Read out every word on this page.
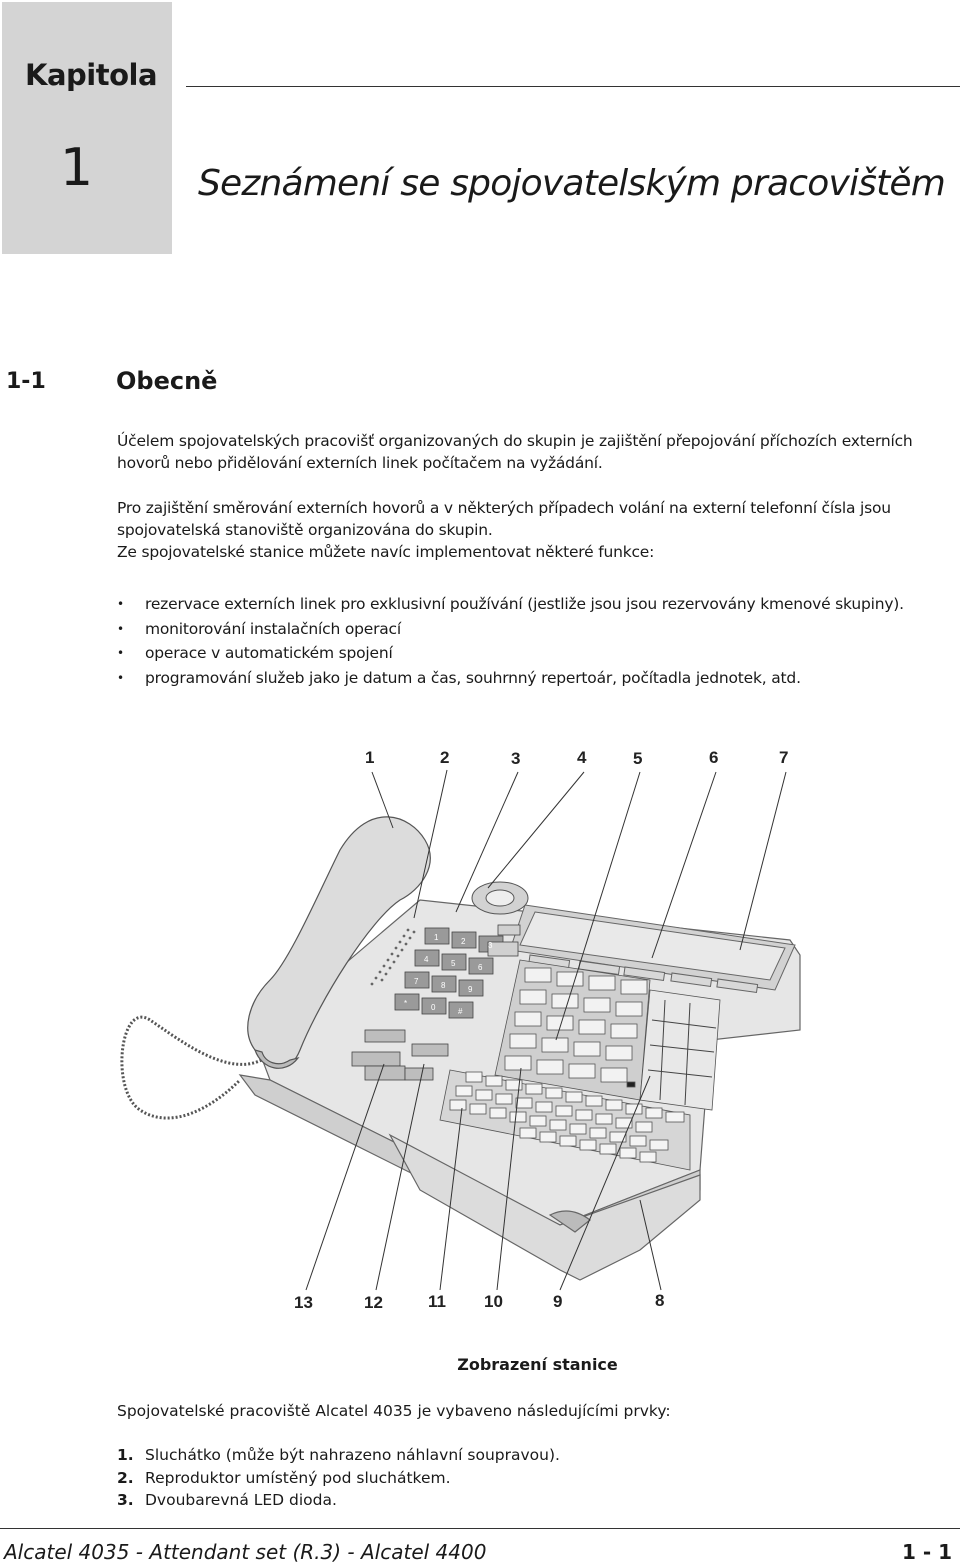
Kapitola
1	Seznámení se spojovatelským pracovištěm
1-1	Obecně

Účelem spojovatelských pracovišť organizovaných do skupin je zajištění přepojování příchozích externích hovorů nebo přidělování externích linek počítačem na vyžádání.

Pro zajištění směrování externích hovorů a v některých případech volání na externí telefonní čísla jsou spojovatelská stanoviště organizována do skupin.

Ze spojovatelské stanice můžete navíc implementovat některé funkce:

• rezervace externích linek pro exklusivní používání (jestliže jsou jsou rezervovány kmenové skupiny).
• monitorování instalačních operací
• operace v automatickém spojení
• programování služeb jako je datum a čas, souhrnný repertoár, počítadla jednotek, atd.
1	2	3
4	5	6
7	8	9
*	0	#
1	2	3	4	5	6	7
13	12	11 10	9	8
Zobrazení stanice
Spojovatelské pracoviště Alcatel 4035 je vybaveno následujícími prvky:
1. Sluchátko (může být nahrazeno náhlavní soupravou).
2. Reproduktor umístěný pod sluchátkem.
3. Dvoubarevná LED dioda.
Alcatel 4035 - Attendant set (R.3) - Alcatel 4400	1 - 1
